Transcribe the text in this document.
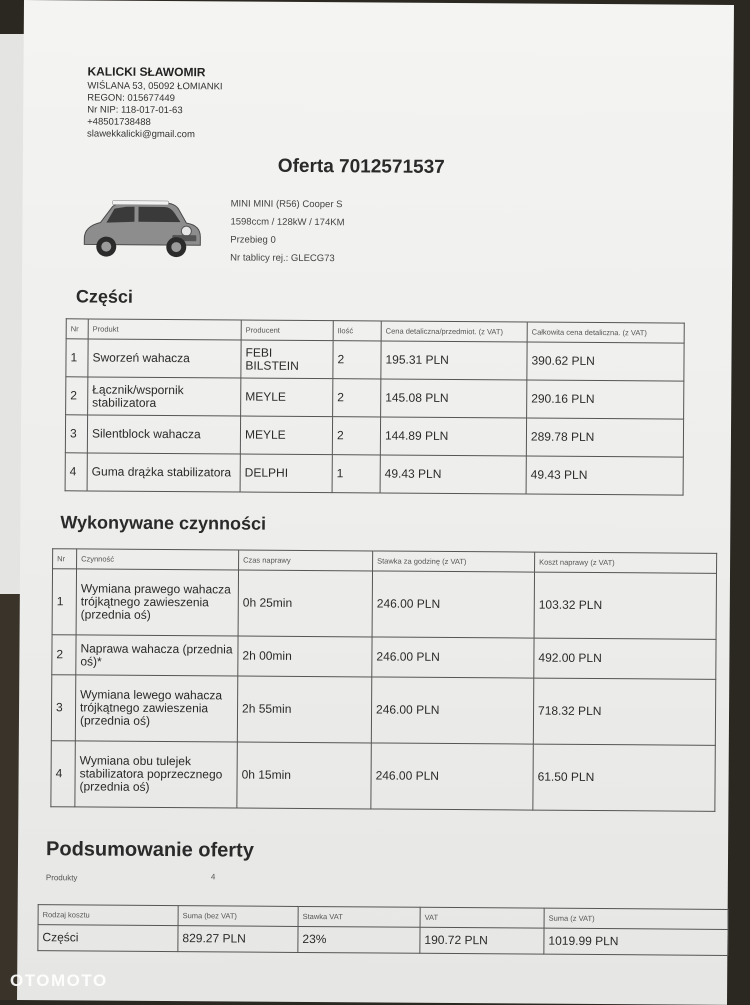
KALICKI SŁAWOMIR
WIŚLANA 53, 05092 ŁOMIANKI
REGON: 015677449
Nr NIP: 118-017-01-63
+48501738488
slawekkalicki@gmail.com
Oferta 7012571537
MINI MINI (R56) Cooper S
1598ccm / 128kW / 174KM
Przebieg 0
Nr tablicy rej.: GLECG73
Części
Nr	Produkt	Producent	Ilość	Cena detaliczna/przedmiot. (z VAT)	Całkowita cena detaliczna. (z VAT)
1	Sworzeń wahacza	FEBI BILSTEIN	2	195.31 PLN	390.62 PLN
2	Łącznik/wspornik stabilizatora	MEYLE	2	145.08 PLN	290.16 PLN
3	Silentblock wahacza	MEYLE	2	144.89 PLN	289.78 PLN
4	Guma drążka stabilizatora	DELPHI	1	49.43 PLN	49.43 PLN
Wykonywane czynności
Nr	Czynność	Czas naprawy	Stawka za godzinę (z VAT)	Koszt naprawy (z VAT)
1	Wymiana prawego wahacza trójkątnego zawieszenia (przednia oś)	0h 25min	246.00 PLN	103.32 PLN
2	Naprawa wahacza (przednia oś)*	2h 00min	246.00 PLN	492.00 PLN
3	Wymiana lewego wahacza trójkątnego zawieszenia (przednia oś)	2h 55min	246.00 PLN	718.32 PLN
4	Wymiana obu tulejek stabilizatora poprzecznego (przednia oś)	0h 15min	246.00 PLN	61.50 PLN
Podsumowanie oferty
Produkty	4
Rodzaj kosztu	Suma (bez VAT)	Stawka VAT	VAT	Suma (z VAT)
Części	829.27 PLN	23%	190.72 PLN	1019.99 PLN
OTOMOTO
